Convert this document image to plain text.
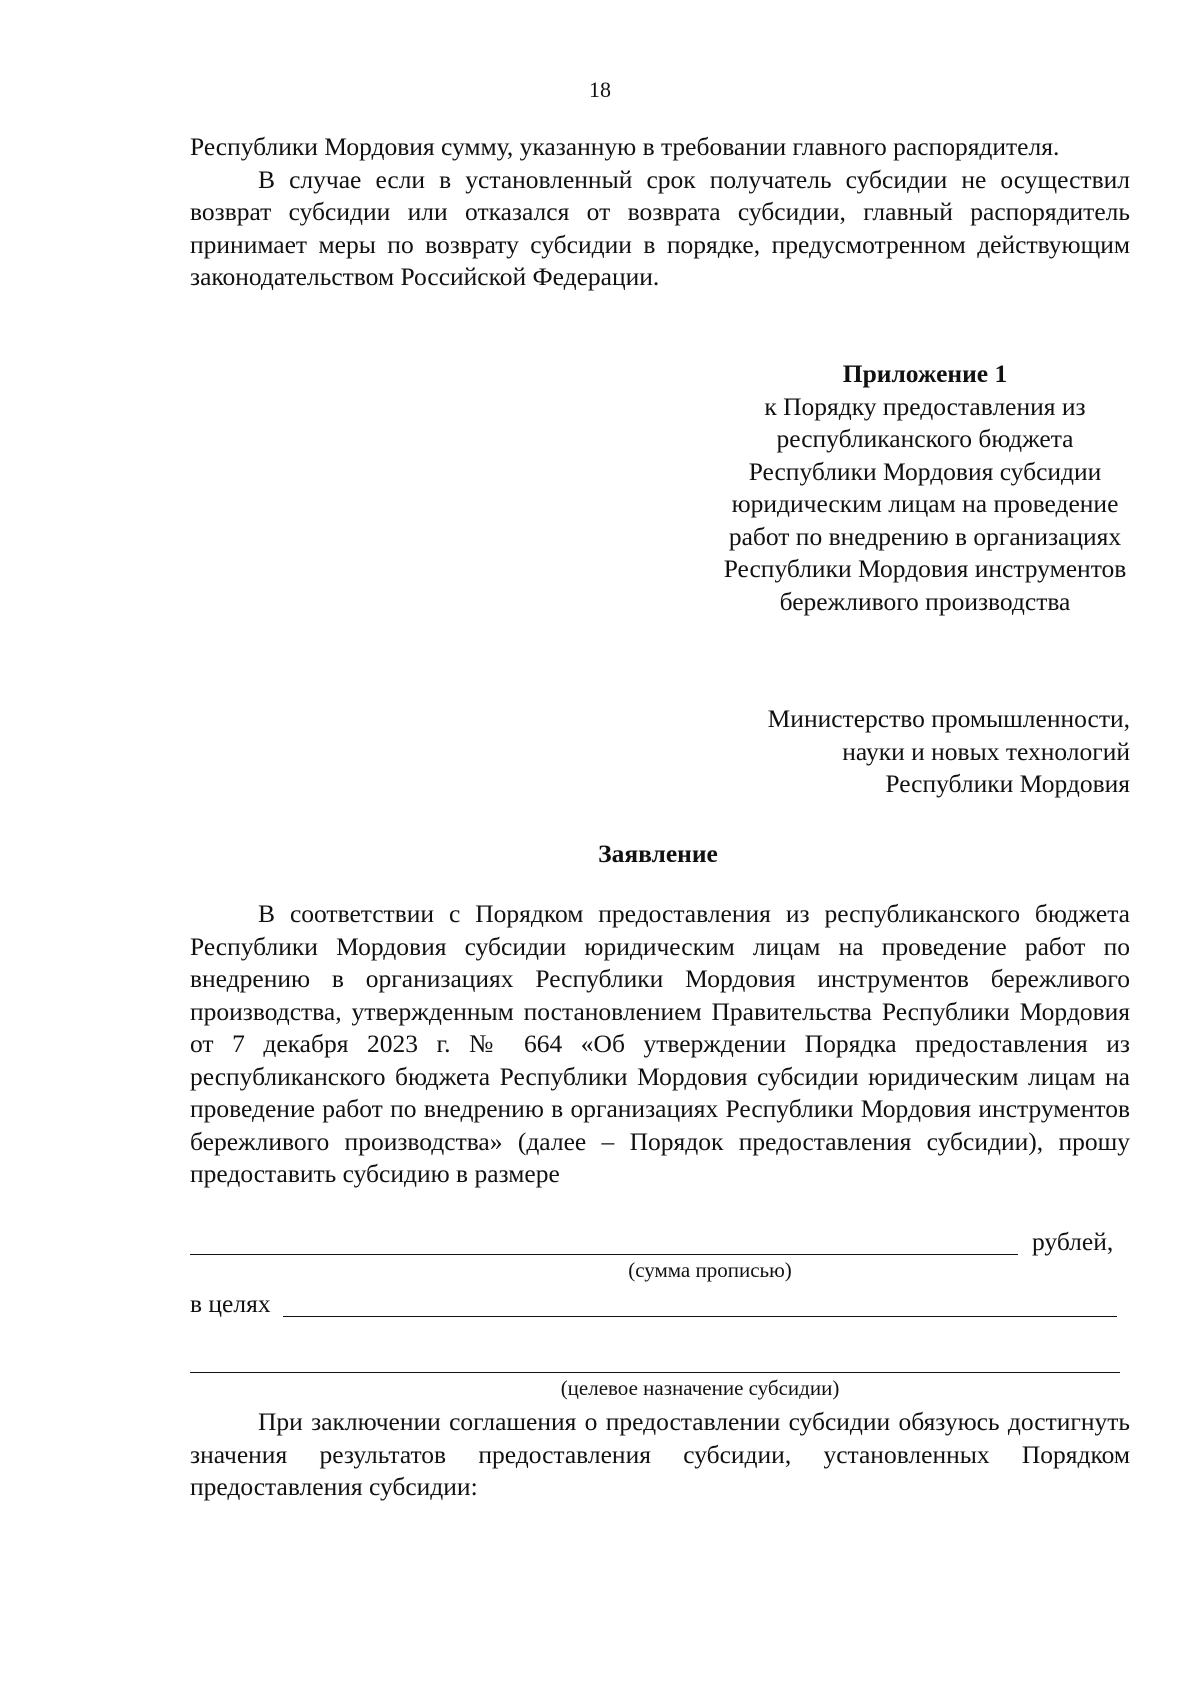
18

Республики Мордовия сумму, указанную в требовании главного распорядителя.

В случае если в установленный срок получатель субсидии не осуществил возврат субсидии или отказался от возврата субсидии, главный распорядитель принимает меры по возврату субсидии в порядке, предусмотренном действующим законодательством Российской Федерации.

Приложение 1
к Порядку предоставления из
республиканского бюджета
Республики Мордовия субсидии
юридическим лицам на проведение
работ по внедрению в организациях
Республики Мордовия инструментов
бережливого производства
Министерство промышленности,
науки и новых технологий
Республики Мордовия
Заявление

В соответствии с Порядком предоставления из республиканского бюджета Республики Мордовия субсидии юридическим лицам на проведение работ по внедрению в организациях Республики Мордовия инструментов бережливого производства, утвержденным постановлением Правительства Республики Мордовия от 7 декабря 2023 г. № 664 «Об утверждении Порядка предоставления из республиканского бюджета Республики Мордовия субсидии юридическим лицам на проведение работ по внедрению в организациях Республики Мордовия инструментов бережливого производства» (далее – Порядок предоставления субсидии), прошу предоставить субсидию в размере

рублей,
(сумма прописью)
в целях
(целевое назначение субсидии)

При заключении соглашения о предоставлении субсидии обязуюсь достигнуть значения результатов предоставления субсидии, установленных Порядком предоставления субсидии:
